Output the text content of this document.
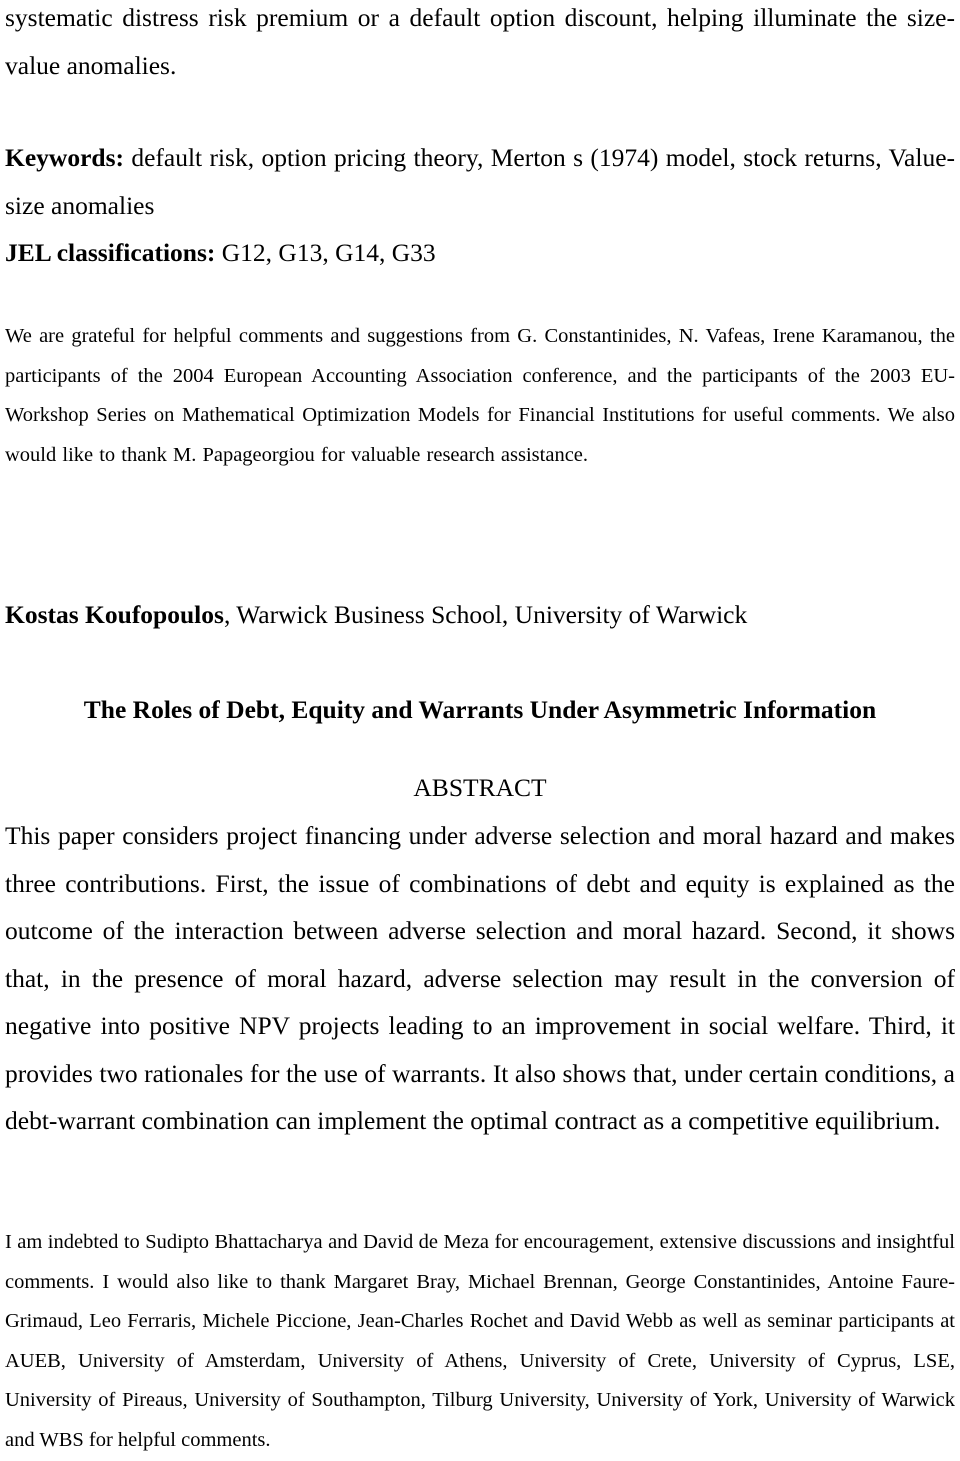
systematic distress risk premium or a default option discount, helping illuminate the size-value anomalies.

Keywords: default risk, option pricing theory, Merton s (1974) model, stock returns, Value-size anomalies

JEL classifications: G12, G13, G14, G33

We are grateful for helpful comments and suggestions from G. Constantinides, N. Vafeas, Irene Karamanou, the participants of the 2004 European Accounting Association conference, and the participants of the 2003 EU-Workshop Series on Mathematical Optimization Models for Financial Institutions for useful comments. We also would like to thank M. Papageorgiou for valuable research assistance.

Kostas Koufopoulos, Warwick Business School, University of Warwick

The Roles of Debt, Equity and Warrants Under Asymmetric Information

ABSTRACT

This paper considers project financing under adverse selection and moral hazard and makes three contributions. First, the issue of combinations of debt and equity is explained as the outcome of the interaction between adverse selection and moral hazard. Second, it shows that, in the presence of moral hazard, adverse selection may result in the conversion of negative into positive NPV projects leading to an improvement in social welfare. Third, it provides two rationales for the use of warrants. It also shows that, under certain conditions, a debt-warrant combination can implement the optimal contract as a competitive equilibrium.

I am indebted to Sudipto Bhattacharya and David de Meza for encouragement, extensive discussions and insightful comments. I would also like to thank Margaret Bray, Michael Brennan, George Constantinides, Antoine Faure-Grimaud, Leo Ferraris, Michele Piccione, Jean-Charles Rochet and David Webb as well as seminar participants at AUEB, University of Amsterdam, University of Athens, University of Crete, University of Cyprus, LSE, University of Pireaus, University of Southampton, Tilburg University, University of York, University of Warwick and WBS for helpful comments.
